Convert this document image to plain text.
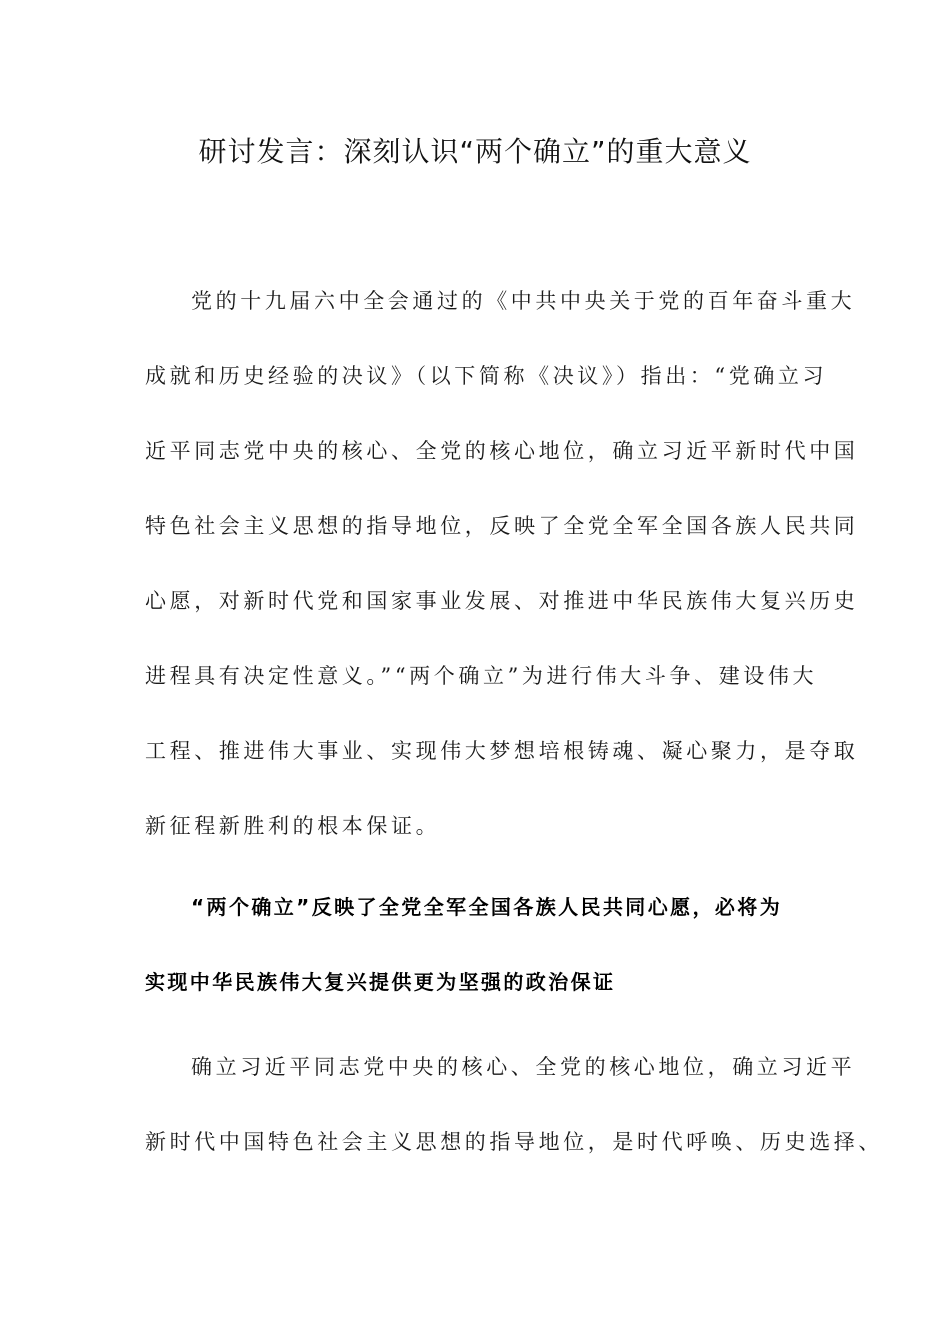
研讨发言：深刻认识“两个确立”的重大意义
党的十九届六中全会通过的《中共中央关于党的百年奋斗重大
成就和历史经验的决议》（以下简称《决议》）指出：“党确立习
近平同志党中央的核心、全党的核心地位，确立习近平新时代中国
特色社会主义思想的指导地位，反映了全党全军全国各族人民共同
心愿，对新时代党和国家事业发展、对推进中华民族伟大复兴历史
进程具有决定性意义。”“两个确立”为进行伟大斗争、建设伟大
工程、推进伟大事业、实现伟大梦想培根铸魂、凝心聚力，是夺取
新征程新胜利的根本保证。
“两个确立”反映了全党全军全国各族人民共同心愿，必将为
实现中华民族伟大复兴提供更为坚强的政治保证
确立习近平同志党中央的核心、全党的核心地位，确立习近平
新时代中国特色社会主义思想的指导地位，是时代呼唤、历史选择、
